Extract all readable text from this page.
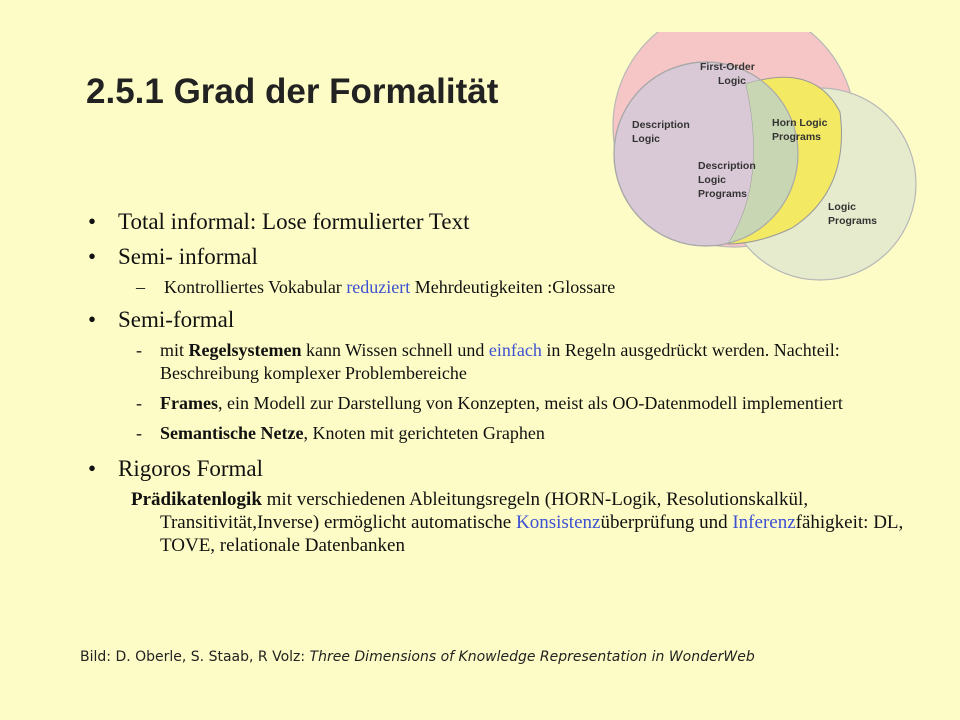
2.5.1 Grad der Formalität
First-Order
Logic
Description
Logic
Horn Logic
Programs
Description
Logic
Programs
Logic
Programs
• Total informal: Lose formulierter Text
• Semi- informal
– Kontrolliertes Vokabular reduziert Mehrdeutigkeiten :Glossare
• Semi-formal
- mit Regelsystemen kann Wissen schnell und einfach in Regeln ausgedrückt werden. Nachteil: Beschreibung komplexer Problembereiche
- Frames, ein Modell zur Darstellung von Konzepten, meist als OO-Datenmodell implementiert
- Semantische Netze, Knoten mit gerichteten Graphen
• Rigoros Formal
Prädikatenlogik mit verschiedenen Ableitungsregeln (HORN-Logik, Resolutionskalkül, Transitivität,Inverse) ermöglicht automatische Konsistenzüberprüfung und Inferenzfähigkeit: DL, TOVE, relationale Datenbanken
Bild: D. Oberle, S. Staab, R Volz: Three Dimensions of Knowledge Representation in WonderWeb
